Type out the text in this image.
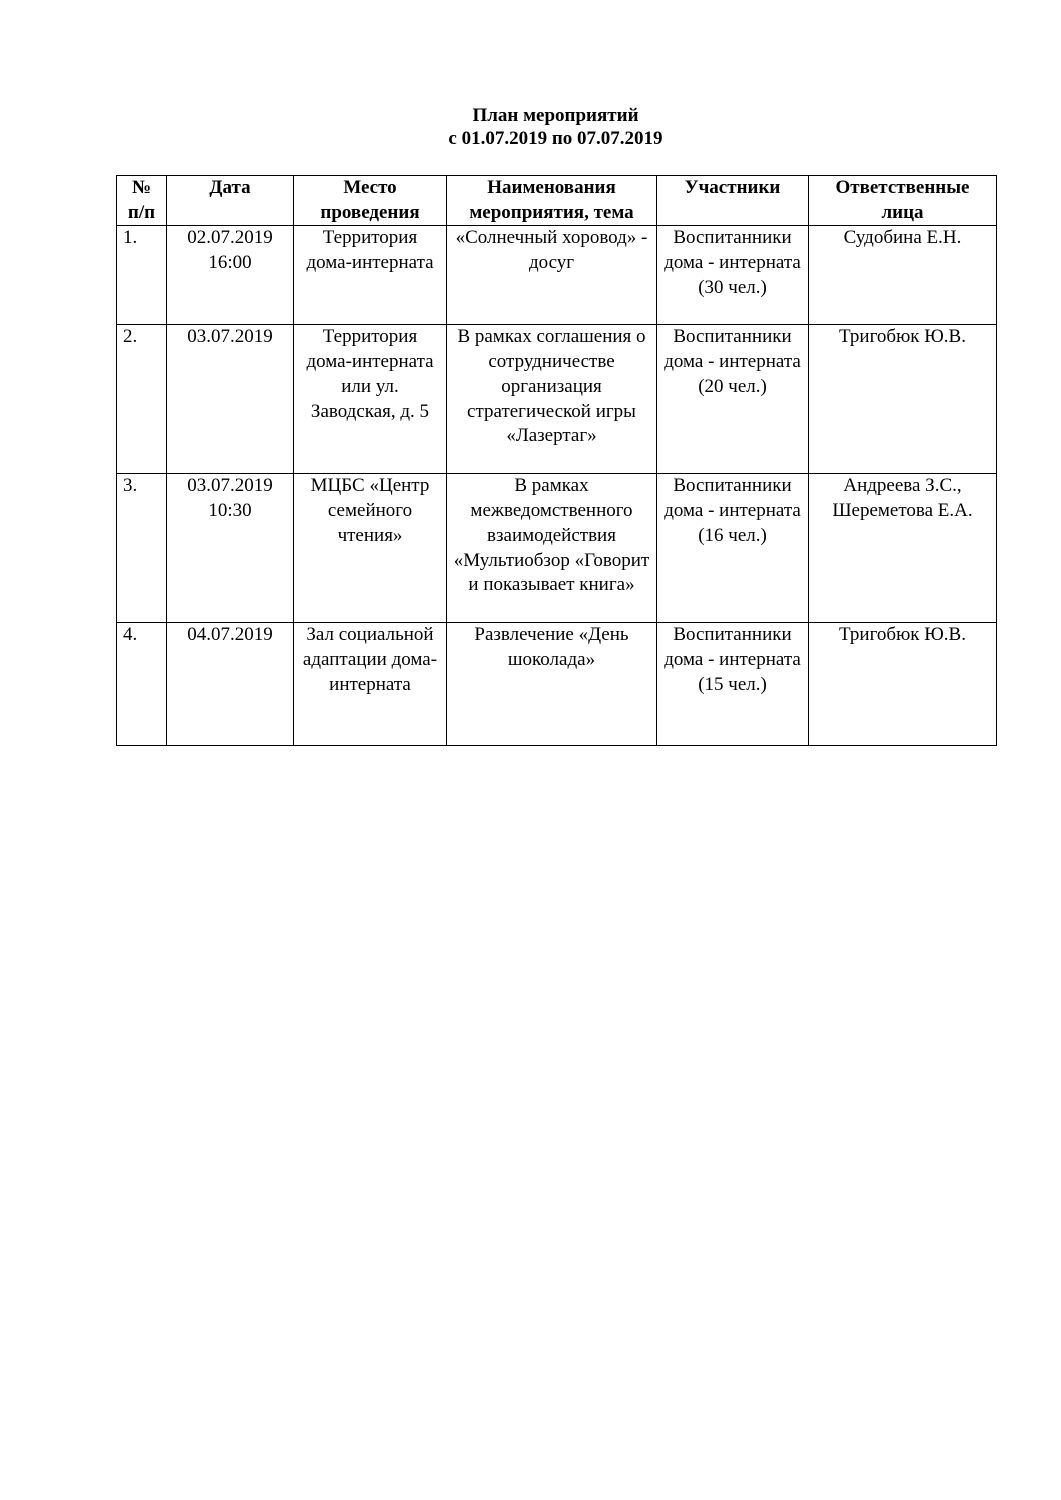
План мероприятий
с 01.07.2019 по 07.07.2019
№ п/п	Дата	Место проведения	Наименования мероприятия, тема	Участники	Ответственные лица
1.	02.07.2019 16:00	Территория дома-интерната	«Солнечный хоровод» - досуг	Воспитанники дома - интерната (30 чел.)	Судобина Е.Н.
2.	03.07.2019	Территория дома-интерната или ул. Заводская, д. 5	В рамках соглашения о сотрудничестве организация стратегической игры «Лазертаг»	Воспитанники дома - интерната (20 чел.)	Тригобюк Ю.В.
3.	03.07.2019 10:30	МЦБС «Центр семейного чтения»	В рамках межведомственного взаимодействия «Мультиобзор «Говорит и показывает книга»	Воспитанники дома - интерната (16 чел.)	Андреева З.С., Шереметова Е.А.
4.	04.07.2019	Зал социальной адаптации дома-интерната	Развлечение «День шоколада»	Воспитанники дома - интерната (15 чел.)	Тригобюк Ю.В.
